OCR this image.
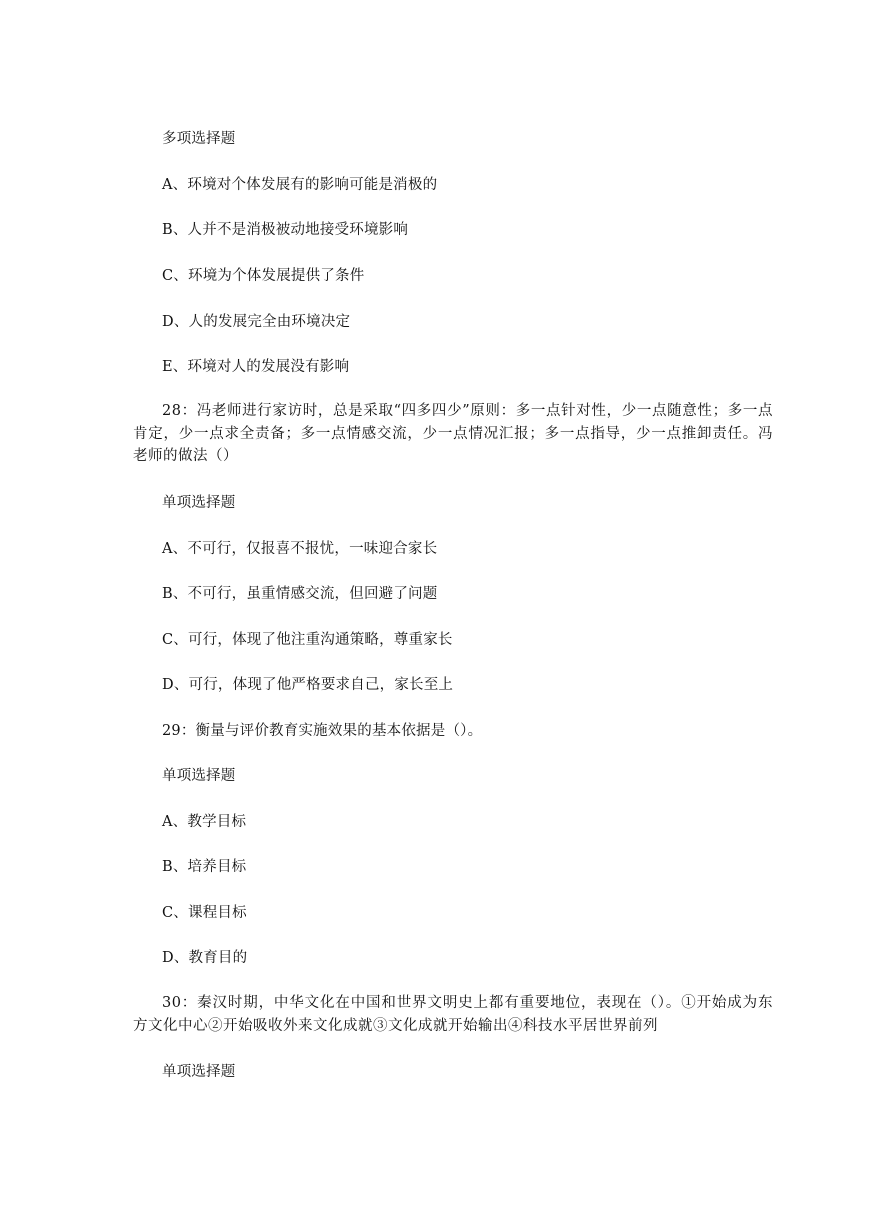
多项选择题
A、环境对个体发展有的影响可能是消极的
B、人并不是消极被动地接受环境影响
C、环境为个体发展提供了条件
D、人的发展完全由环境决定
E、环境对人的发展没有影响
28：冯老师进行家访时，总是采取“四多四少”原则：多一点针对性，少一点随意性；多一点肯定，少一点求全责备；多一点情感交流，少一点情况汇报；多一点指导，少一点推卸责任。冯老师的做法（）
单项选择题
A、不可行，仅报喜不报忧，一味迎合家长
B、不可行，虽重情感交流，但回避了问题
C、可行，体现了他注重沟通策略，尊重家长
D、可行，体现了他严格要求自己，家长至上
29：衡量与评价教育实施效果的基本依据是（）。
单项选择题
A、教学目标
B、培养目标
C、课程目标
D、教育目的
30：秦汉时期，中华文化在中国和世界文明史上都有重要地位，表现在（）。①开始成为东方文化中心②开始吸收外来文化成就③文化成就开始输出④科技水平居世界前列
单项选择题
